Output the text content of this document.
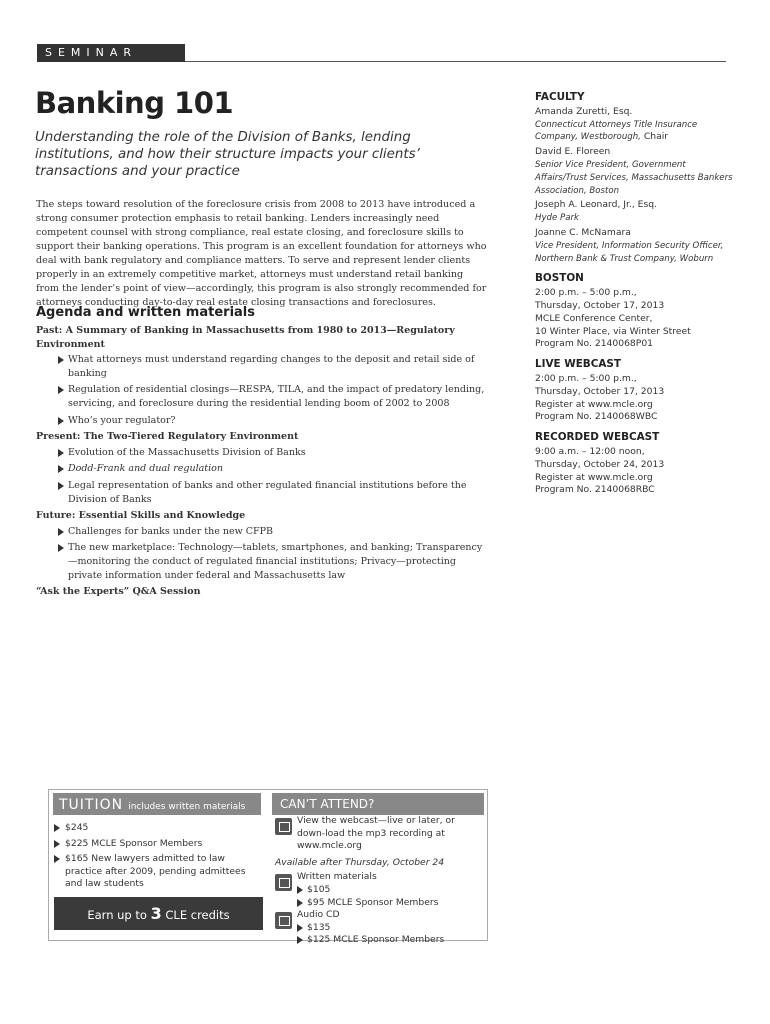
SEMINAR
Banking 101

Understanding the role of the Division of Banks, lending institutions, and how their structure impacts your clients’ transactions and your practice

The steps toward resolution of the foreclosure crisis from 2008 to 2013 have introduced a strong consumer protection emphasis to retail banking. Lenders increasingly need competent counsel with strong compliance, real estate closing, and foreclosure skills to support their banking operations. This program is an excellent foundation for attorneys who deal with bank regulatory and compliance matters. To serve and represent lender clients properly in an extremely competitive market, attorneys must understand retail banking from the lender’s point of view—accordingly, this program is also strongly recommended for attorneys conducting day-to-day real estate closing transactions and foreclosures.

Agenda and written materials
Past: A Summary of Banking in Massachusetts from 1980 to 2013—Regulatory Environment
What attorneys must understand regarding changes to the deposit and retail side of banking
Regulation of residential closings—RESPA, TILA, and the impact of predatory lending, servicing, and foreclosure during the residential lending boom of 2002 to 2008
Who’s your regulator?
Present: The Two-Tiered Regulatory Environment
Evolution of the Massachusetts Division of Banks
Dodd-Frank and dual regulation
Legal representation of banks and other regulated financial institutions before the Division of Banks
Future: Essential Skills and Knowledge
Challenges for banks under the new CFPB
The new marketplace: Technology—tablets, smartphones, and banking; Transparency—monitoring the conduct of regulated financial institutions; Privacy—protecting private information under federal and Massachusetts law
“Ask the Experts” Q&A Session
FACULTY
Amanda Zuretti, Esq.
Connecticut Attorneys Title Insurance Company, Westborough, Chair
David E. Floreen
Senior Vice President, Government Affairs/Trust Services, Massachusetts Bankers Association, Boston
Joseph A. Leonard, Jr., Esq.
Hyde Park
Joanne C. McNamara
Vice President, Information Security Officer, Northern Bank & Trust Company, Woburn
BOSTON
2:00 p.m. – 5:00 p.m.,
Thursday, October 17, 2013
MCLE Conference Center,
10 Winter Place, via Winter Street
Program No. 2140068P01
LIVE WEBCAST
2:00 p.m. – 5:00 p.m.,
Thursday, October 17, 2013
Register at www.mcle.org
Program No. 2140068WBC
RECORDED WEBCAST
9:00 a.m. – 12:00 noon,
Thursday, October 24, 2013
Register at www.mcle.org
Program No. 2140068RBC
TUITION includes written materials
$245
$225 MCLE Sponsor Members
$165 New lawyers admitted to law practice after 2009, pending admittees and law students
Earn up to 3 CLE credits
CAN’T ATTEND?
View the webcast—live or later, or down-load the mp3 recording at www.mcle.org
Available after Thursday, October 24
Written materials
$105
$95 MCLE Sponsor Members
Audio CD
$135
$125 MCLE Sponsor Members
